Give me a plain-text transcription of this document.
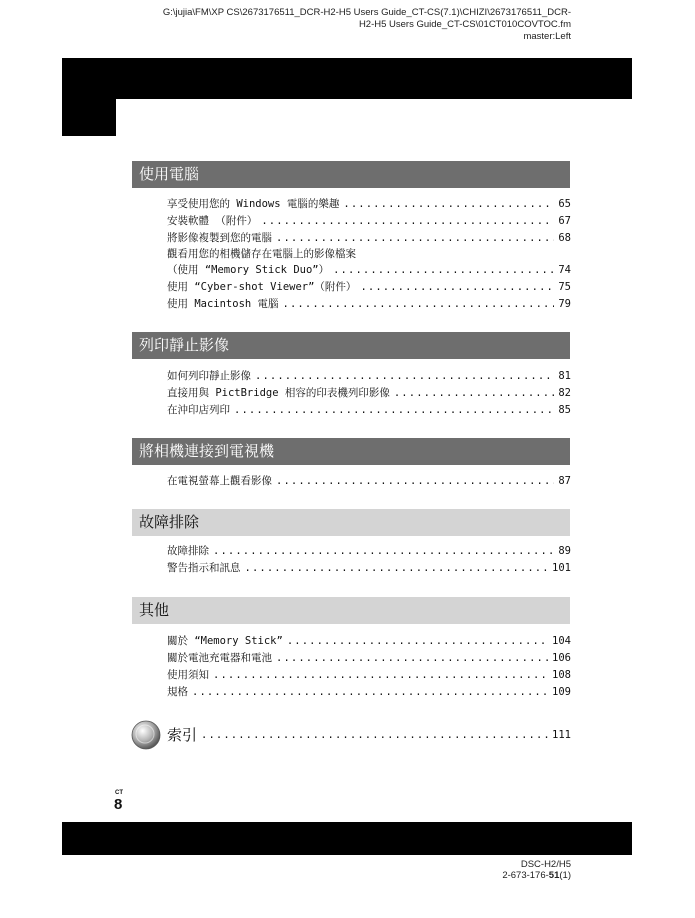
G:\jujia\FM\XP CS\2673176511_DCR-H2-H5 Users Guide_CT-CS(7.1)\CHIZI\2673176511_DCR-
H2-H5 Users Guide_CT-CS\01CT010COVTOC.fm
master:Left
使用電腦
享受使用您的 Windows 電腦的樂趣 . . .	65
安裝軟體 （附件） . . .	67
將影像複製到您的電腦 . . .	68
觀看用您的相機儲存在電腦上的影像檔案
（使用 “Memory Stick Duo”） . . .	74
使用 “Cyber-shot Viewer”（附件） . . .	75
使用 Macintosh 電腦 . . .	79
列印靜止影像
如何列印靜止影像 . . .	81
直接用與 PictBridge 相容的印表機列印影像 . . .	82
在沖印店列印 . . .	85
將相機連接到電視機
在電視螢幕上觀看影像 . . .	87
故障排除
故障排除 . . .	89
警告指示和訊息 . . .	101
其他
關於 “Memory Stick” . . .	104
關於電池充電器和電池 . . .	106
使用須知 . . .	108
規格 . . .	109
索引 . . .	111
CT
8
DSC-H2/H5
2-673-176-51(1)
